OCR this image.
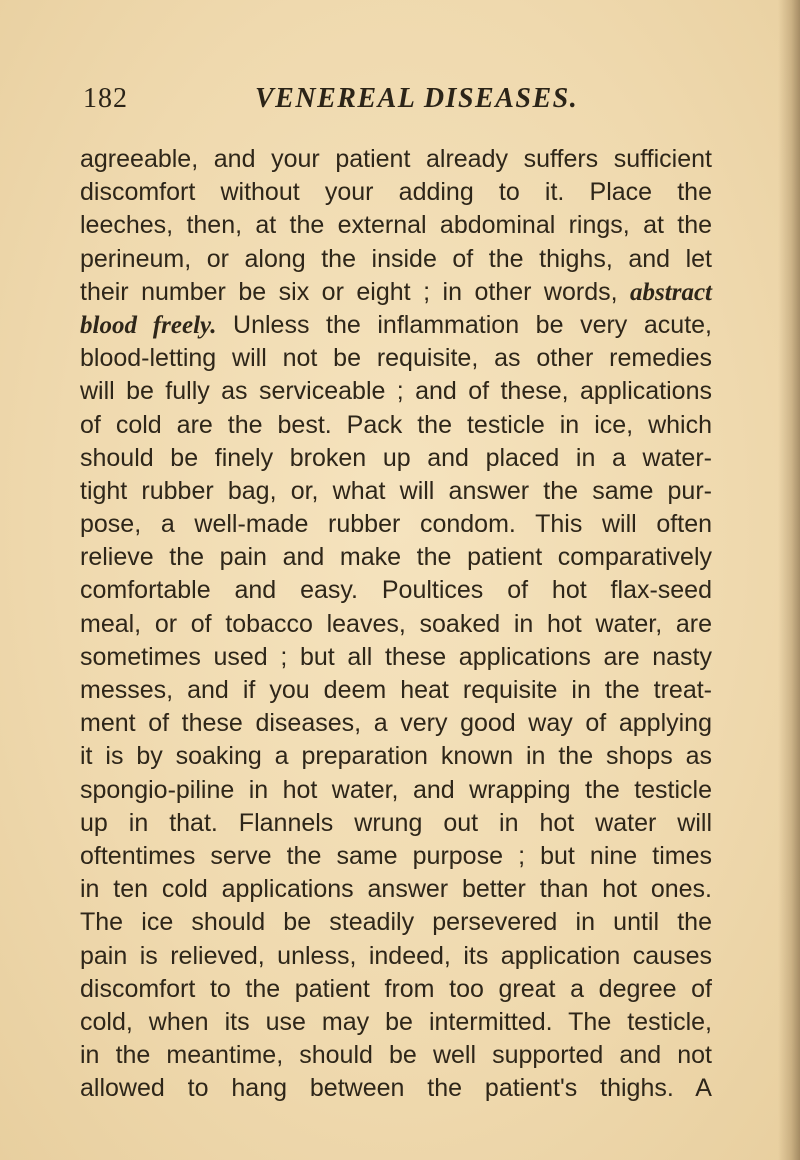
182	VENEREAL DISEASES.
agreeable, and your patient already suffers sufficient
discomfort without your adding to it. Place the
leeches, then, at the external abdominal rings, at the
perineum, or along the inside of the thighs, and let
their number be six or eight ; in other words, abstract
blood freely. Unless the inflammation be very acute,
blood-letting will not be requisite, as other remedies
will be fully as serviceable ; and of these, applications
of cold are the best. Pack the testicle in ice, which
should be finely broken up and placed in a water-
tight rubber bag, or, what will answer the same pur-
pose, a well-made rubber condom. This will often
relieve the pain and make the patient comparatively
comfortable and easy. Poultices of hot flax-seed
meal, or of tobacco leaves, soaked in hot water, are
sometimes used ; but all these applications are nasty
messes, and if you deem heat requisite in the treat-
ment of these diseases, a very good way of applying
it is by soaking a preparation known in the shops as
spongio-piline in hot water, and wrapping the testicle
up in that. Flannels wrung out in hot water will
oftentimes serve the same purpose ; but nine times
in ten cold applications answer better than hot ones.
The ice should be steadily persevered in until the
pain is relieved, unless, indeed, its application causes
discomfort to the patient from too great a degree of
cold, when its use may be intermitted. The testicle,
in the meantime, should be well supported and not
allowed to hang between the patient's thighs. A
